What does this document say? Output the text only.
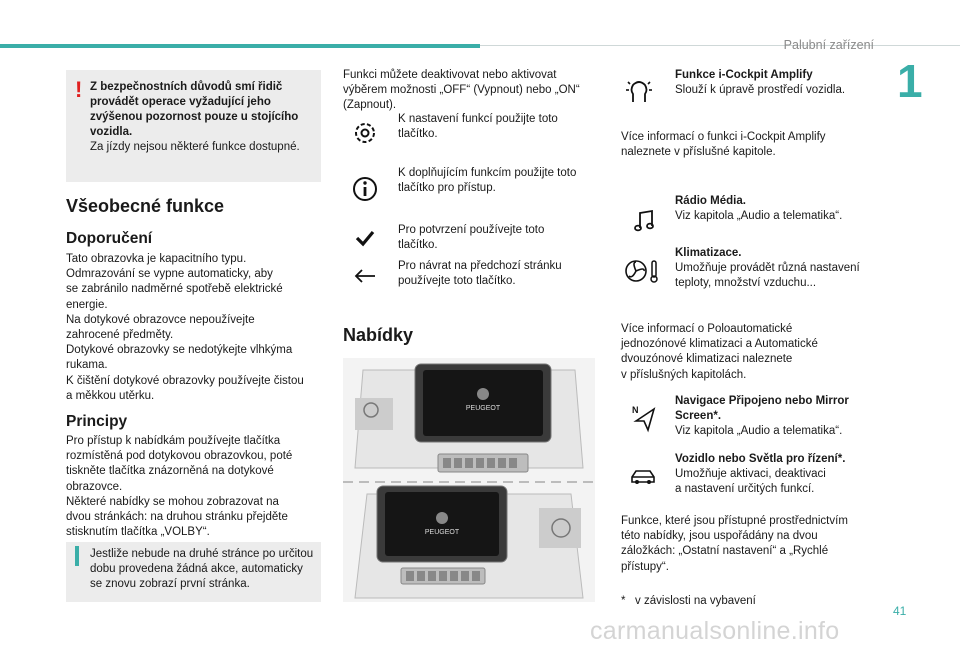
Palubní zařízení
1
! Z bezpečnostních důvodů smí řidič provádět operace vyžadující jeho zvýšenou pozornost pouze u stojícího vozidla.
Za jízdy nejsou některé funkce dostupné.
Všeobecné funkce
Doporučení
Tato obrazovka je kapacitního typu.
Odmrazování se vypne automaticky, aby
se zabránilo nadměrné spotřebě elektrické
energie.
Na dotykové obrazovce nepoužívejte
zahrocené předměty.
Dotykové obrazovky se nedotýkejte vlhkýma
rukama.
K čištění dotykové obrazovky používejte čistou
a měkkou utěrku.
Principy
Pro přístup k nabídkám používejte tlačítka
rozmístěná pod dotykovou obrazovkou, poté
tiskněte tlačítka znázorněná na dotykové
obrazovce.
Některé nabídky se mohou zobrazovat na
dvou stránkách: na druhou stránku přejděte
stisknutím tlačítka „VOLBY“.
Jestliže nebude na druhé stránce po určitou
dobu provedena žádná akce, automaticky
se znovu zobrazí první stránka.
Funkci můžete deaktivovat nebo aktivovat
výběrem možnosti „OFF“ (Vypnout) nebo „ON“
(Zapnout).
K nastavení funkcí použijte toto
tlačítko.
K doplňujícím funkcím použijte toto
tlačítko pro přístup.
Pro potvrzení používejte toto
tlačítko.
Pro návrat na předchozí stránku
používejte toto tlačítko.
Nabídky
PEUGEOT
PEUGEOT
Funkce i-Cockpit Amplify
Slouží k úpravě prostředí vozidla.
Více informací o funkci i-Cockpit Amplify
naleznete v příslušné kapitole.
Rádio Média.
Viz kapitola „Audio a telematika“.
Klimatizace.
Umožňuje provádět různá nastavení
teploty, množství vzduchu...
Více informací o Poloautomatické
jednozónové klimatizaci a Automatické
dvouzónové klimatizaci naleznete
v příslušných kapitolách.
N
Navigace Připojeno nebo Mirror
Screen*.
Viz kapitola „Audio a telematika“.
Vozidlo nebo Světla pro řízení*.
Umožňuje aktivaci, deaktivaci
a nastavení určitých funkcí.
Funkce, které jsou přístupné prostřednictvím
této nabídky, jsou uspořádány na dvou
záložkách: „Ostatní nastavení“ a „Rychlé
přístupy“.
*   v závislosti na vybavení
41
carmanualsonline.info
